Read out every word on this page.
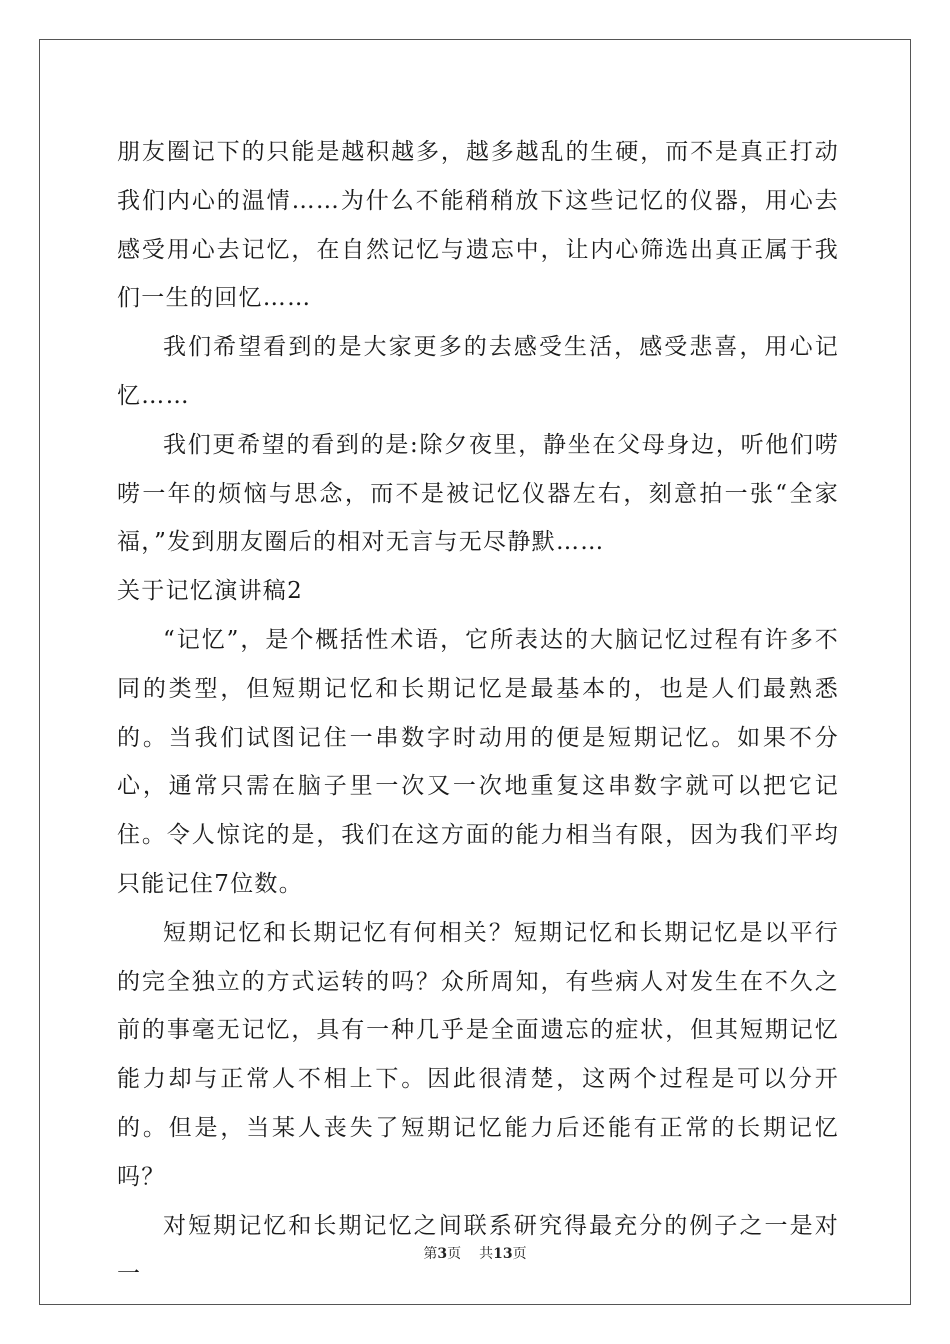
朋友圈记下的只能是越积越多，越多越乱的生硬，而不是真正打动我们内心的温情……为什么不能稍稍放下这些记忆的仪器，用心去感受用心去记忆，在自然记忆与遗忘中，让内心筛选出真正属于我们一生的回忆……

我们希望看到的是大家更多的去感受生活，感受悲喜，用心记忆……

我们更希望的看到的是:除夕夜里，静坐在父母身边，听他们唠唠一年的烦恼与思念，而不是被记忆仪器左右，刻意拍一张“全家福，”发到朋友圈后的相对无言与无尽静默……

关于记忆演讲稿2

“记忆”，是个概括性术语，它所表达的大脑记忆过程有许多不同的类型，但短期记忆和长期记忆是最基本的，也是人们最熟悉的。当我们试图记住一串数字时动用的便是短期记忆。如果不分心，通常只需在脑子里一次又一次地重复这串数字就可以把它记住。令人惊诧的是，我们在这方面的能力相当有限，因为我们平均只能记住7位数。

短期记忆和长期记忆有何相关？短期记忆和长期记忆是以平行的完全独立的方式运转的吗？众所周知，有些病人对发生在不久之前的事毫无记忆，具有一种几乎是全面遗忘的症状，但其短期记忆能力却与正常人不相上下。因此很清楚，这两个过程是可以分开的。但是，当某人丧失了短期记忆能力后还能有正常的长期记忆吗？

对短期记忆和长期记忆之间联系研究得最充分的例子之一是对一

第3页 共13页
